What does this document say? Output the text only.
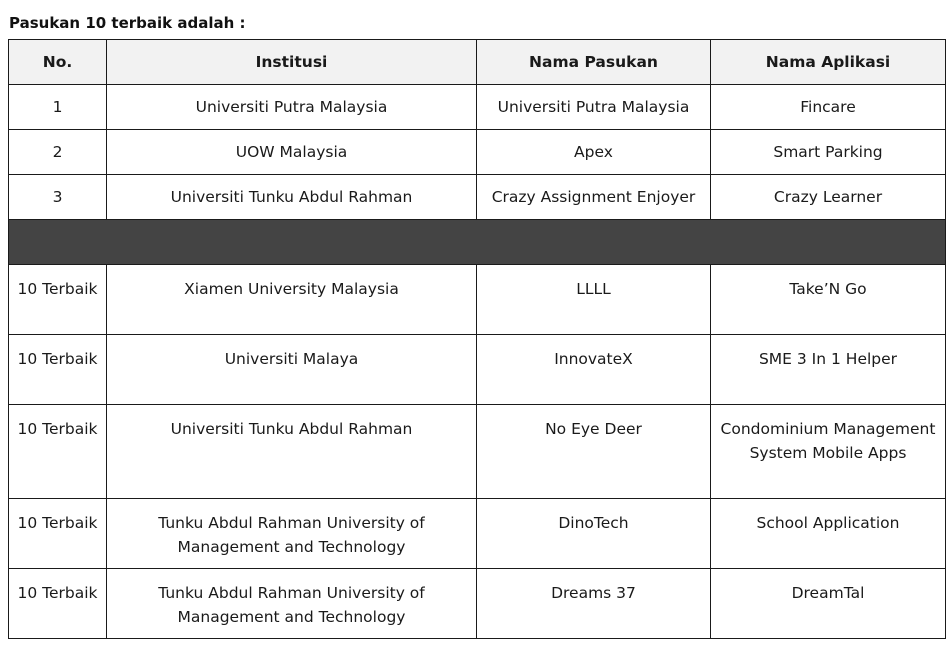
Pasukan 10 terbaik adalah :
No.	Institusi	Nama Pasukan	Nama Aplikasi
1	Universiti Putra Malaysia	Universiti Putra Malaysia	Fincare
2	UOW Malaysia	Apex	Smart Parking
3	Universiti Tunku Abdul Rahman	Crazy Assignment Enjoyer	Crazy Learner

10 Terbaik	Xiamen University Malaysia	LLLL	Take’N Go
10 Terbaik	Universiti Malaya	InnovateX	SME 3 In 1 Helper
10 Terbaik	Universiti Tunku Abdul Rahman	No Eye Deer	Condominium Management System Mobile Apps
10 Terbaik	Tunku Abdul Rahman University of Management and Technology	DinoTech	School Application
10 Terbaik	Tunku Abdul Rahman University of Management and Technology	Dreams 37	DreamTal
